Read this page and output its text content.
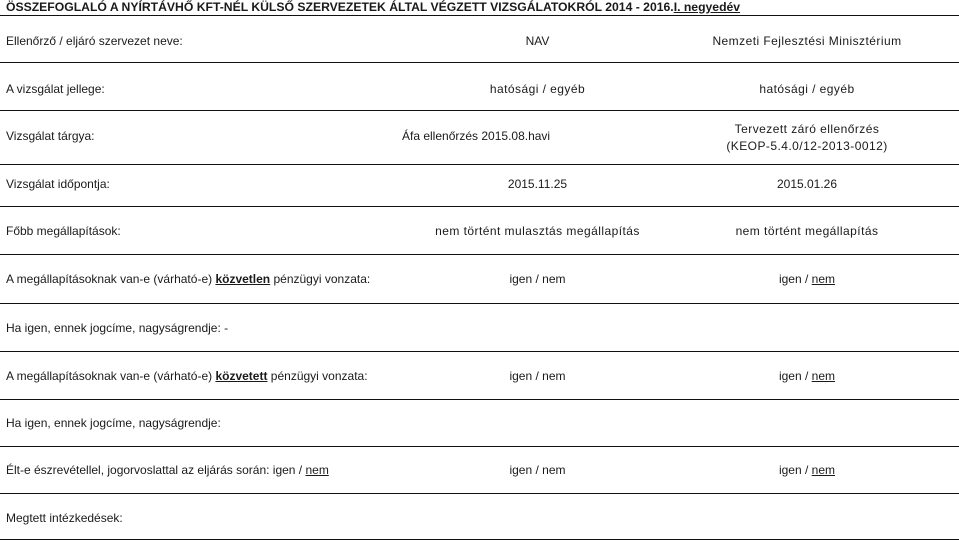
ÖSSZEFOGLALÓ A NYÍRTÁVHŐ KFT-NÉL KÜLSŐ SZERVEZETEK ÁLTAL VÉGZETT VIZSGÁLATOKRÓL 2014 - 2016.I. negyedév
Ellenőrző / eljáró szervezet neve:	NAV	Nemzeti Fejlesztési Minisztérium
A vizsgálat jellege:	hatósági / egyéb	hatósági / egyéb
Vizsgálat tárgya:	Áfa ellenőrzés 2015.08.havi	Tervezett záró ellenőrzés
(KEOP-5.4.0/12-2013-0012)
Vizsgálat időpontja:	2015.11.25	2015.01.26
Főbb megállapítások:	nem történt mulasztás megállapítás	nem történt megállapítás
A megállapításoknak van-e (várható-e) közvetlen pénzügyi vonzata:	igen / nem	igen / nem
Ha igen, ennek jogcíme, nagyságrendje: -
A megállapításoknak van-e (várható-e) közvetett pénzügyi vonzata:	igen / nem	igen / nem
Ha igen, ennek jogcíme, nagyságrendje:
Élt-e észrevétellel, jogorvoslattal az eljárás során: igen / nem	igen / nem	igen / nem
Megtett intézkedések:
